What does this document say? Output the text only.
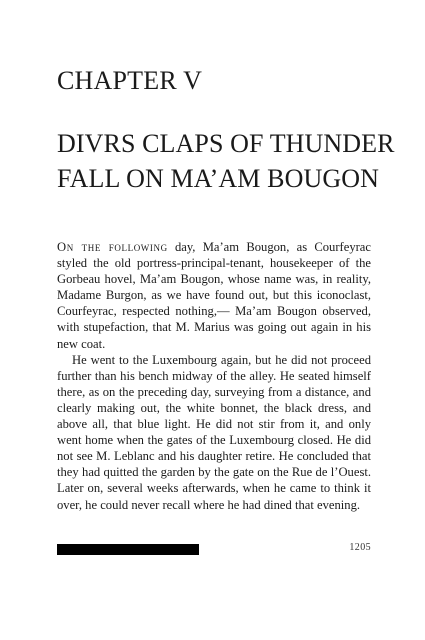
CHAPTER V
DIVRS CLAPS OF THUNDER
FALL ON MA’AM BOUGON

On the following day, Ma’am Bougon, as Courfeyrac styled the old portress-principal-tenant, housekeeper of the Gorbeau hovel, Ma’am Bougon, whose name was, in reality, Madame Burgon, as we have found out, but this iconoclast, Courfeyrac, respected nothing,— Ma’am Bougon observed, with stupefaction, that M. Marius was going out again in his new coat.

He went to the Luxembourg again, but he did not proceed further than his bench midway of the alley. He seated himself there, as on the preceding day, surveying from a distance, and clearly making out, the white bonnet, the black dress, and above all, that blue light. He did not stir from it, and only went home when the gates of the Luxembourg closed. He did not see M. Leblanc and his daughter retire. He concluded that they had quitted the garden by the gate on the Rue de l’Ouest. Later on, several weeks afterwards, when he came to think it over, he could never recall where he had dined that evening.

1205
